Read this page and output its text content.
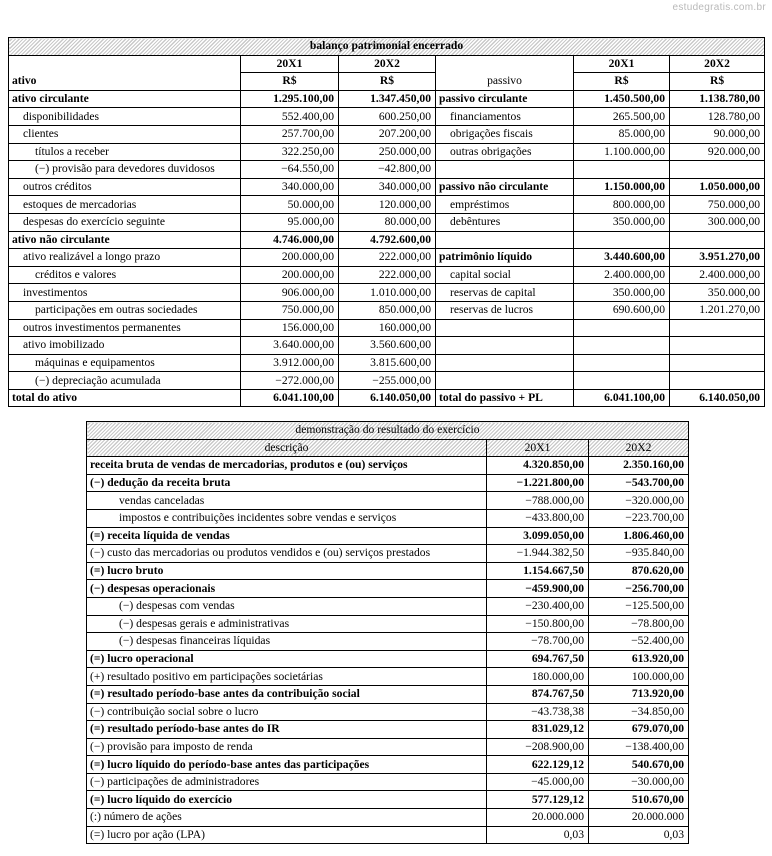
estudegratis.com.br
balanço patrimonial encerrado					
	20X1	20X2		20X1	20X2
ativo	R$	R$	passivo	R$	R$
ativo circulante	1.295.100,00	1.347.450,00	passivo circulante	1.450.500,00	1.138.780,00
disponibilidades	552.400,00	600.250,00	financiamentos	265.500,00	128.780,00
clientes	257.700,00	207.200,00	obrigações fiscais	85.000,00	90.000,00
títulos a receber	322.250,00	250.000,00	outras obrigações	1.100.000,00	920.000,00
(−) provisão para devedores duvidosos	−64.550,00	−42.800,00			
outros créditos	340.000,00	340.000,00	passivo não circulante	1.150.000,00	1.050.000,00
estoques de mercadorias	50.000,00	120.000,00	empréstimos	800.000,00	750.000,00
despesas do exercício seguinte	95.000,00	80.000,00	debêntures	350.000,00	300.000,00
ativo não circulante	4.746.000,00	4.792.600,00			
ativo realizável a longo prazo	200.000,00	222.000,00	patrimônio líquido	3.440.600,00	3.951.270,00
créditos e valores	200.000,00	222.000,00	capital social	2.400.000,00	2.400.000,00
investimentos	906.000,00	1.010.000,00	reservas de capital	350.000,00	350.000,00
participações em outras sociedades	750.000,00	850.000,00	reservas de lucros	690.600,00	1.201.270,00
outros investimentos permanentes	156.000,00	160.000,00			
ativo imobilizado	3.640.000,00	3.560.600,00			
máquinas e equipamentos	3.912.000,00	3.815.600,00			
(−) depreciação acumulada	−272.000,00	−255.000,00			
total do ativo	6.041.100,00	6.140.050,00	total do passivo + PL	6.041.100,00	6.140.050,00
demonstração do resultado do exercício		
descrição	20X1	20X2
receita bruta de vendas de mercadorias, produtos e (ou) serviços	4.320.850,00	2.350.160,00
(−) dedução da receita bruta	−1.221.800,00	−543.700,00
vendas canceladas	−788.000,00	−320.000,00
impostos e contribuições incidentes sobre vendas e serviços	−433.800,00	−223.700,00
(=) receita líquida de vendas	3.099.050,00	1.806.460,00
(−) custo das mercadorias ou produtos vendidos e (ou) serviços prestados	−1.944.382,50	−935.840,00
(=) lucro bruto	1.154.667,50	870.620,00
(−) despesas operacionais	−459.900,00	−256.700,00
(−) despesas com vendas	−230.400,00	−125.500,00
(−) despesas gerais e administrativas	−150.800,00	−78.800,00
(−) despesas financeiras líquidas	−78.700,00	−52.400,00
(=) lucro operacional	694.767,50	613.920,00
(+) resultado positivo em participações societárias	180.000,00	100.000,00
(=) resultado período-base antes da contribuição social	874.767,50	713.920,00
(−) contribuição social sobre o lucro	−43.738,38	−34.850,00
(=) resultado período-base antes do IR	831.029,12	679.070,00
(−) provisão para imposto de renda	−208.900,00	−138.400,00
(=) lucro líquido do período-base antes das participações	622.129,12	540.670,00
(−) participações de administradores	−45.000,00	−30.000,00
(=) lucro líquido do exercício	577.129,12	510.670,00
(:) número de ações	20.000.000	20.000.000
(=) lucro por ação (LPA)	0,03	0,03
